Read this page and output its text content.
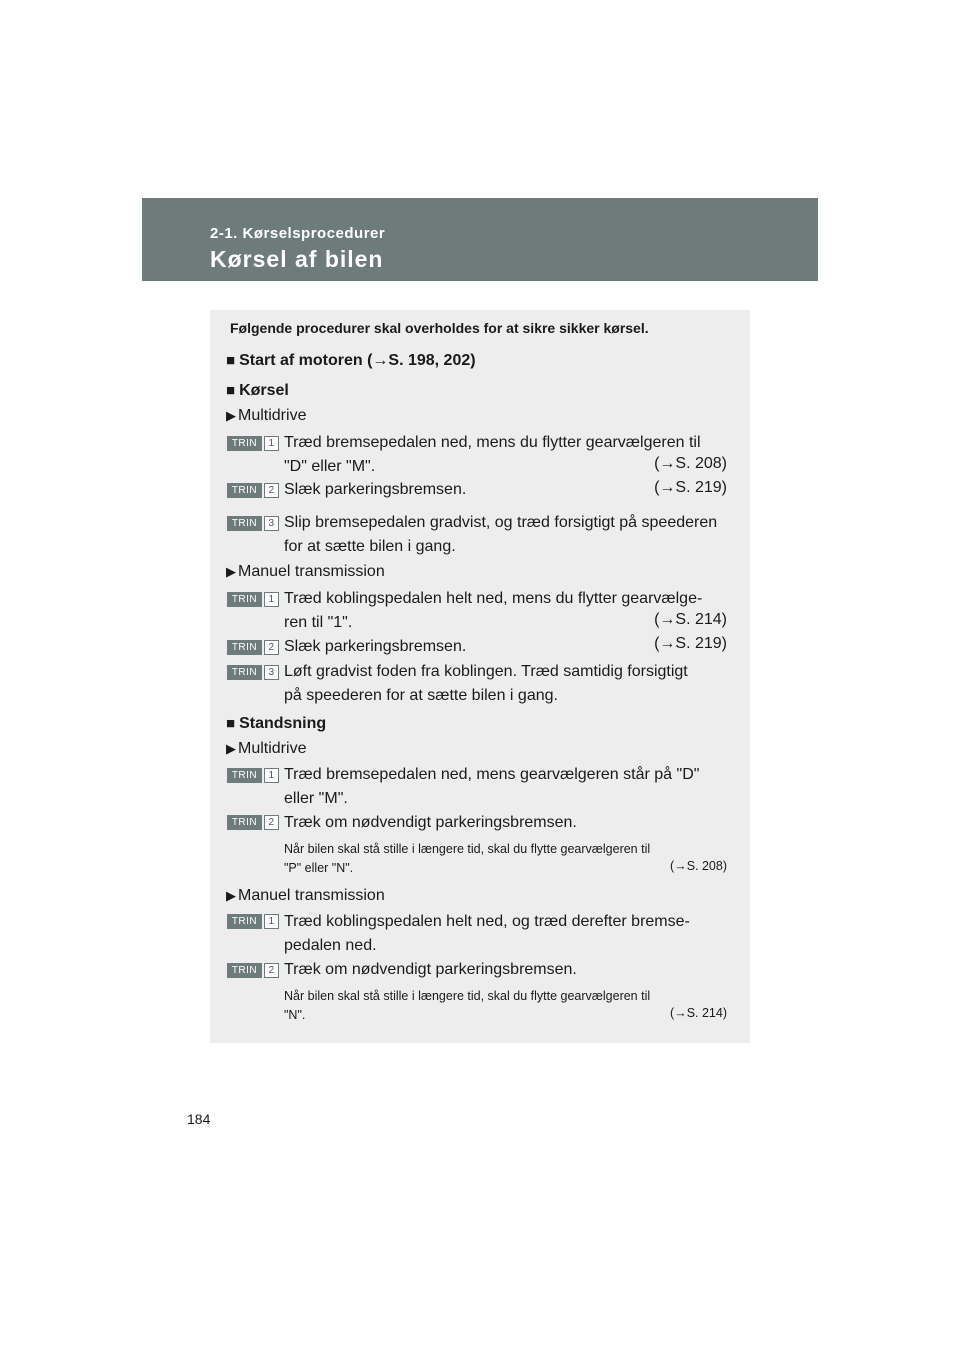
2-1. Kørselsprocedurer
Kørsel af bilen
Følgende procedurer skal overholdes for at sikre sikker kørsel.
■ Start af motoren (→S. 198, 202)
■ Kørsel
▶ Multidrive
TRIN	1 Træd bremsepedalen ned, mens du flytter gearvælgeren til
"D" eller "M".	(→S. 208)
TRIN	2 Slæk parkeringsbremsen.	(→S. 219)
TRIN	3 Slip bremsepedalen gradvist, og træd forsigtigt på speederen
for at sætte bilen i gang.
▶ Manuel transmission
TRIN	1 Træd koblingspedalen helt ned, mens du flytter gearvælge-
ren til "1".	(→S. 214)
TRIN	2 Slæk parkeringsbremsen.	(→S. 219)
TRIN	3 Løft gradvist foden fra koblingen. Træd samtidig forsigtigt
på speederen for at sætte bilen i gang.
■ Standsning
▶ Multidrive
TRIN	1 Træd bremsepedalen ned, mens gearvælgeren står på "D"
eller "M".
TRIN	2 Træk om nødvendigt parkeringsbremsen.
Når bilen skal stå stille i længere tid, skal du flytte gearvælgeren til
"P" eller "N".	(→S. 208)
▶ Manuel transmission
TRIN	1 Træd koblingspedalen helt ned, og træd derefter bremse-
pedalen ned.
TRIN	2 Træk om nødvendigt parkeringsbremsen.
Når bilen skal stå stille i længere tid, skal du flytte gearvælgeren til
"N".	(→S. 214)
184
